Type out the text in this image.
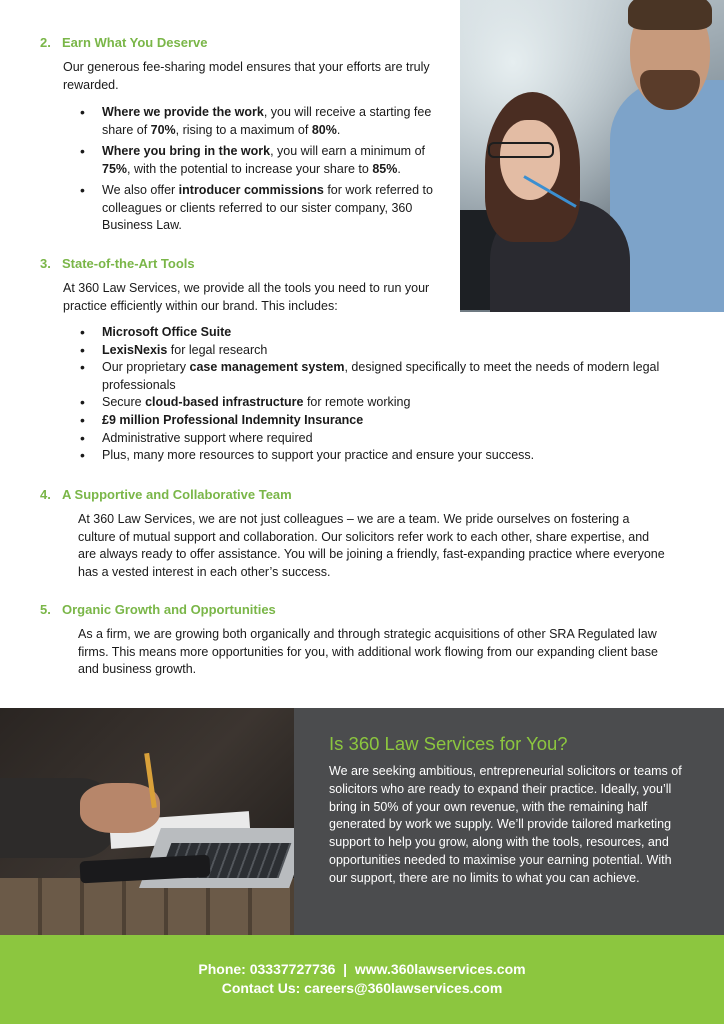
2. Earn What You Deserve

Our generous fee-sharing model ensures that your efforts are truly rewarded.

• Where we provide the work, you will receive a starting fee share of 70%, rising to a maximum of 80%.
• Where you bring in the work, you will earn a minimum of 75%, with the potential to increase your share to 85%.
• We also offer introducer commissions for work referred to colleagues or clients referred to our sister company, 360 Business Law.
3. State-of-the-Art Tools

At 360 Law Services, we provide all the tools you need to run your practice efficiently within our brand. This includes:

• Microsoft Office Suite
• LexisNexis for legal research
• Our proprietary case management system, designed specifically to meet the needs of modern legal professionals
• Secure cloud-based infrastructure for remote working
• £9 million Professional Indemnity Insurance
• Administrative support where required
• Plus, many more resources to support your practice and ensure your success.
4. A Supportive and Collaborative Team

At 360 Law Services, we are not just colleagues – we are a team. We pride ourselves on fostering a culture of mutual support and collaboration. Our solicitors refer work to each other, share expertise, and are always ready to offer assistance. You will be joining a friendly, fast-expanding practice where everyone has a vested interest in each other’s success.

5. Organic Growth and Opportunities

As a firm, we are growing both organically and through strategic acquisitions of other SRA Regulated law firms. This means more opportunities for you, with additional work flowing from our expanding client base and business growth.

Is 360 Law Services for You?

We are seeking ambitious, entrepreneurial solicitors or teams of solicitors who are ready to expand their practice. Ideally, you’ll bring in 50% of your own revenue, with the remaining half generated by work we supply. We’ll provide tailored marketing support to help you grow, along with the tools, resources, and opportunities needed to maximise your earning potential. With our support, there are no limits to what you can achieve.

Phone: 03337727736 | www.360lawservices.com

Contact Us: careers@360lawservices.com
